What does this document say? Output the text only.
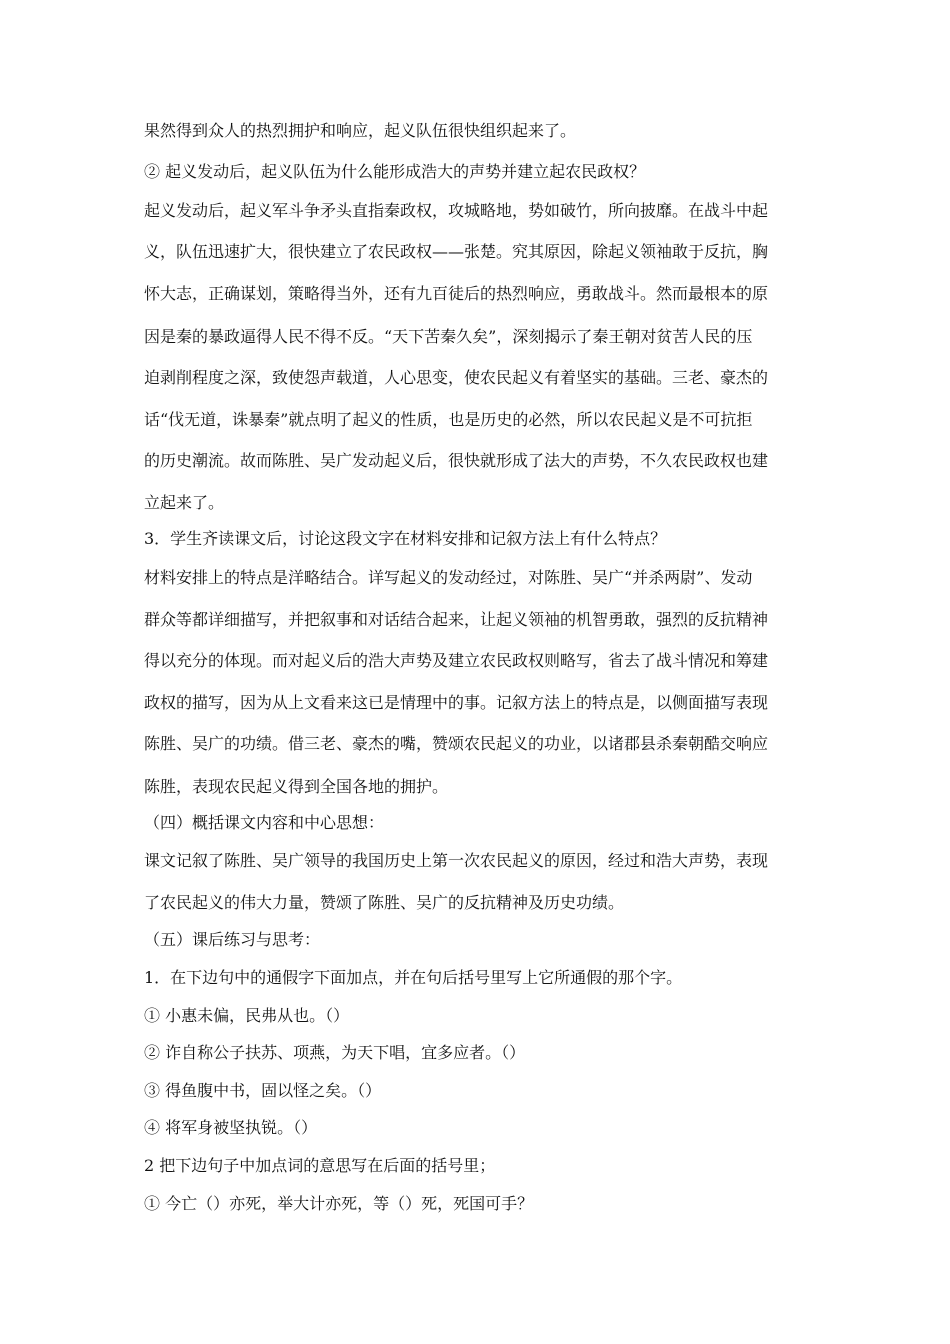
果然得到众人的热烈拥护和响应，起义队伍很快组织起来了。
② 起义发动后，起义队伍为什么能形成浩大的声势并建立起农民政权？
起义发动后，起义军斗争矛头直指秦政权，攻城略地，势如破竹，所向披靡。在战斗中起
义，队伍迅速扩大，很快建立了农民政权——张楚。究其原因，除起义领袖敢于反抗，胸
怀大志，正确谋划，策略得当外，还有九百徒后的热烈响应，勇敢战斗。然而最根本的原
因是秦的暴政逼得人民不得不反。“天下苦秦久矣”，深刻揭示了秦王朝对贫苦人民的压
迫剥削程度之深，致使怨声载道，人心思变，使农民起义有着坚实的基础。三老、豪杰的
话“伐无道，诛暴秦”就点明了起义的性质，也是历史的必然，所以农民起义是不可抗拒
的历史潮流。故而陈胜、吴广发动起义后，很快就形成了法大的声势，不久农民政权也建
立起来了。
3．学生齐读课文后，讨论这段文字在材料安排和记叙方法上有什么特点？
材料安排上的特点是洋略结合。详写起义的发动经过，对陈胜、吴广“并杀两尉”、发动
群众等都详细描写，并把叙事和对话结合起来，让起义领袖的机智勇敢，强烈的反抗精神
得以充分的体现。而对起义后的浩大声势及建立农民政权则略写，省去了战斗情况和筹建
政权的描写，因为从上文看来这已是情理中的事。记叙方法上的特点是，以侧面描写表现
陈胜、吴广的功绩。借三老、豪杰的嘴，赞颂农民起义的功业，以诸郡县杀秦朝酷交响应
陈胜，表现农民起义得到全国各地的拥护。
（四）概括课文内容和中心思想：
课文记叙了陈胜、吴广领导的我国历史上第一次农民起义的原因，经过和浩大声势，表现
了农民起义的伟大力量，赞颂了陈胜、吴广的反抗精神及历史功绩。
（五）课后练习与思考：
1．在下边句中的通假字下面加点，并在句后括号里写上它所通假的那个字。
① 小惠未偏，民弗从也。（）
② 诈自称公子扶苏、项燕，为天下唱，宜多应者。（）
③ 得鱼腹中书，固以怪之矣。（）
④ 将军身被坚执锐。（）
2 把下边句子中加点词的意思写在后面的括号里；
① 今亡（）亦死，举大计亦死，等（）死，死国可手？
